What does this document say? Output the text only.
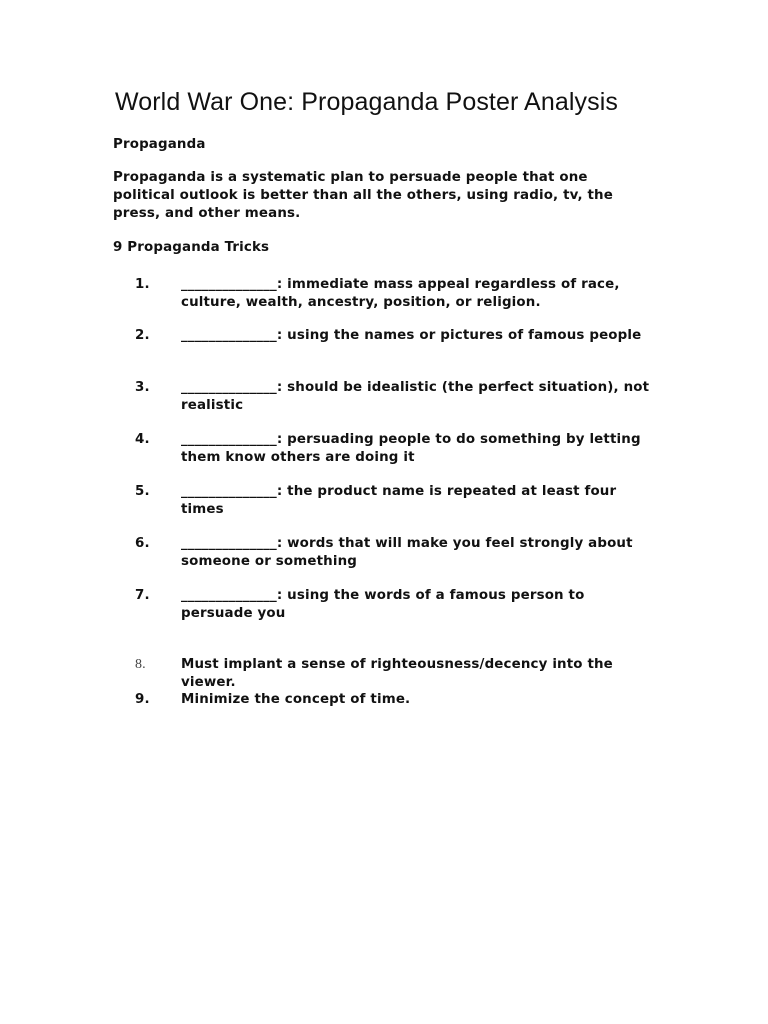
World War One: Propaganda Poster Analysis

Propaganda

Propaganda is a systematic plan to persuade people that one political outlook is better than all the others, using radio, tv, the press, and other means.

9 Propaganda Tricks

1. ______________: immediate mass appeal regardless of race, culture, wealth, ancestry, position, or religion.
2. ______________: using the names or pictures of famous people
3. ______________: should be idealistic (the perfect situation), not realistic
4. ______________: persuading people to do something by letting them know others are doing it
5. ______________: the product name is repeated at least four times
6. ______________: words that will make you feel strongly about someone or something
7. ______________: using the words of a famous person to persuade you
8.	Must implant a sense of righteousness/decency into the viewer.
9. Minimize the concept of time.
